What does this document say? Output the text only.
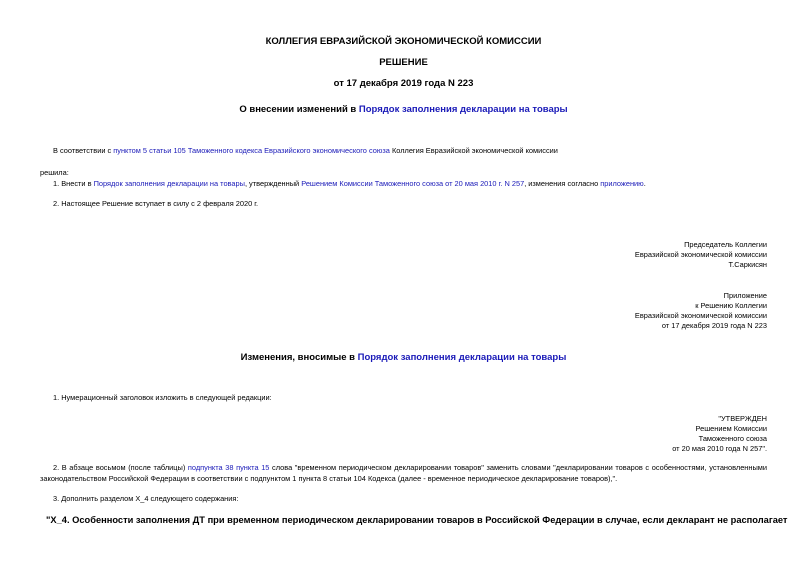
КОЛЛЕГИЯ ЕВРАЗИЙСКОЙ ЭКОНОМИЧЕСКОЙ КОМИССИИ
РЕШЕНИЕ
от 17 декабря 2019 года N 223
О внесении изменений в Порядок заполнения декларации на товары
В соответствии с пунктом 5 статьи 105 Таможенного кодекса Евразийского экономического союза Коллегия Евразийской экономической комиссии
решила:
1. Внести в Порядок заполнения декларации на товары, утвержденный Решением Комиссии Таможенного союза от 20 мая 2010 г. N 257, изменения согласно приложению.
2. Настоящее Решение вступает в силу с 2 февраля 2020 г.
Председатель Коллегии
Евразийской экономической комиссии
Т.Саркисян
Приложение
к Решению Коллегии
Евразийской экономической комиссии
от 17 декабря 2019 года N 223
Изменения, вносимые в Порядок заполнения декларации на товары
1. Нумерационный заголовок изложить в следующей редакции:
"УТВЕРЖДЕН
Решением Комиссии
Таможенного союза
от 20 мая 2010 года N 257".
2. В абзаце восьмом (после таблицы) подпункта 38 пункта 15 слова "временном периодическом декларировании товаров" заменить словами "декларировании товаров с особенностями, установленными законодательством Российской Федерации в соответствии с подпунктом 1 пункта 8 статьи 104 Кодекса (далее - временное периодическое декларирование товаров),".
3. Дополнить разделом X_4 следующего содержания:
"X_4. Особенности заполнения ДТ при временном периодическом декларировании товаров в Российской Федерации в случае, если декларант не располагает
